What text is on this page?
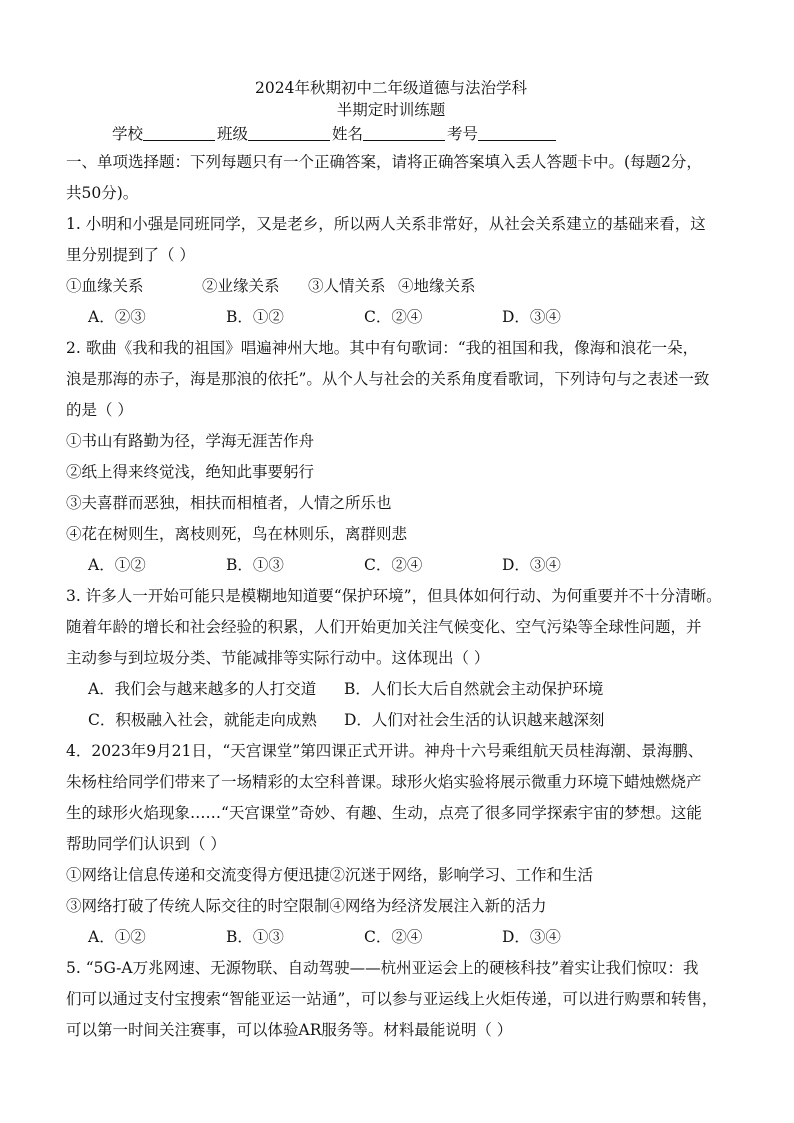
2024年秋期初中二年级道德与法治学科
半期定时训练题
学校	班级	姓名	考号
一、单项选择题：下列每题只有一个正确答案，请将正确答案填入丢人答题卡中。(每题2分，
共50分)。
1. 小明和小强是同班同学，又是老乡，所以两人关系非常好，从社会关系建立的基础来看，这
里分别提到了（ ）
①血缘关系	②业缘关系 ③人情关系 ④地缘关系
A．②③	B．①②	C．②④	D．③④
2. 歌曲《我和我的祖国》唱遍神州大地。其中有句歌词：“我的祖国和我，像海和浪花一朵，
浪是那海的赤子，海是那浪的依托”。从个人与社会的关系角度看歌词，下列诗句与之表述一致
的是（ ）
①书山有路勤为径，学海无涯苦作舟
②纸上得来终觉浅，绝知此事要躬行
③夫喜群而恶独，相扶而相植者，人情之所乐也
④花在树则生，离枝则死，鸟在林则乐，离群则悲
A．①②	B．①③	C．②④	D．③④
3. 许多人一开始可能只是模糊地知道要“保护环境”，但具体如何行动、为何重要并不十分清晰。
随着年龄的增长和社会经验的积累，人们开始更加关注气候变化、空气污染等全球性问题，并
主动参与到垃圾分类、节能减排等实际行动中。这体现出（ ）
A．我们会与越来越多的人打交道 B．人们长大后自然就会主动保护环境
C．积极融入社会，就能走向成熟 D．人们对社会生活的认识越来越深刻
4．2023年9月21日，“天宫课堂”第四课正式开讲。神舟十六号乘组航天员桂海潮、景海鹏、
朱杨柱给同学们带来了一场精彩的太空科普课。球形火焰实验将展示微重力环境下蜡烛燃烧产
生的球形火焰现象……“天宫课堂”奇妙、有趣、生动，点亮了很多同学探索宇宙的梦想。这能
帮助同学们认识到（ ）
①网络让信息传递和交流变得方便迅捷②沉迷于网络，影响学习、工作和生活
③网络打破了传统人际交往的时空限制④网络为经济发展注入新的活力
A．①②	B．①③	C．②④	D．③④
5. “5G-A万兆网速、无源物联、自动驾驶——杭州亚运会上的硬核科技”着实让我们惊叹：我
们可以通过支付宝搜索“智能亚运一站通”，可以参与亚运线上火炬传递，可以进行购票和转售，
可以第一时间关注赛事，可以体验AR服务等。材料最能说明（ ）
